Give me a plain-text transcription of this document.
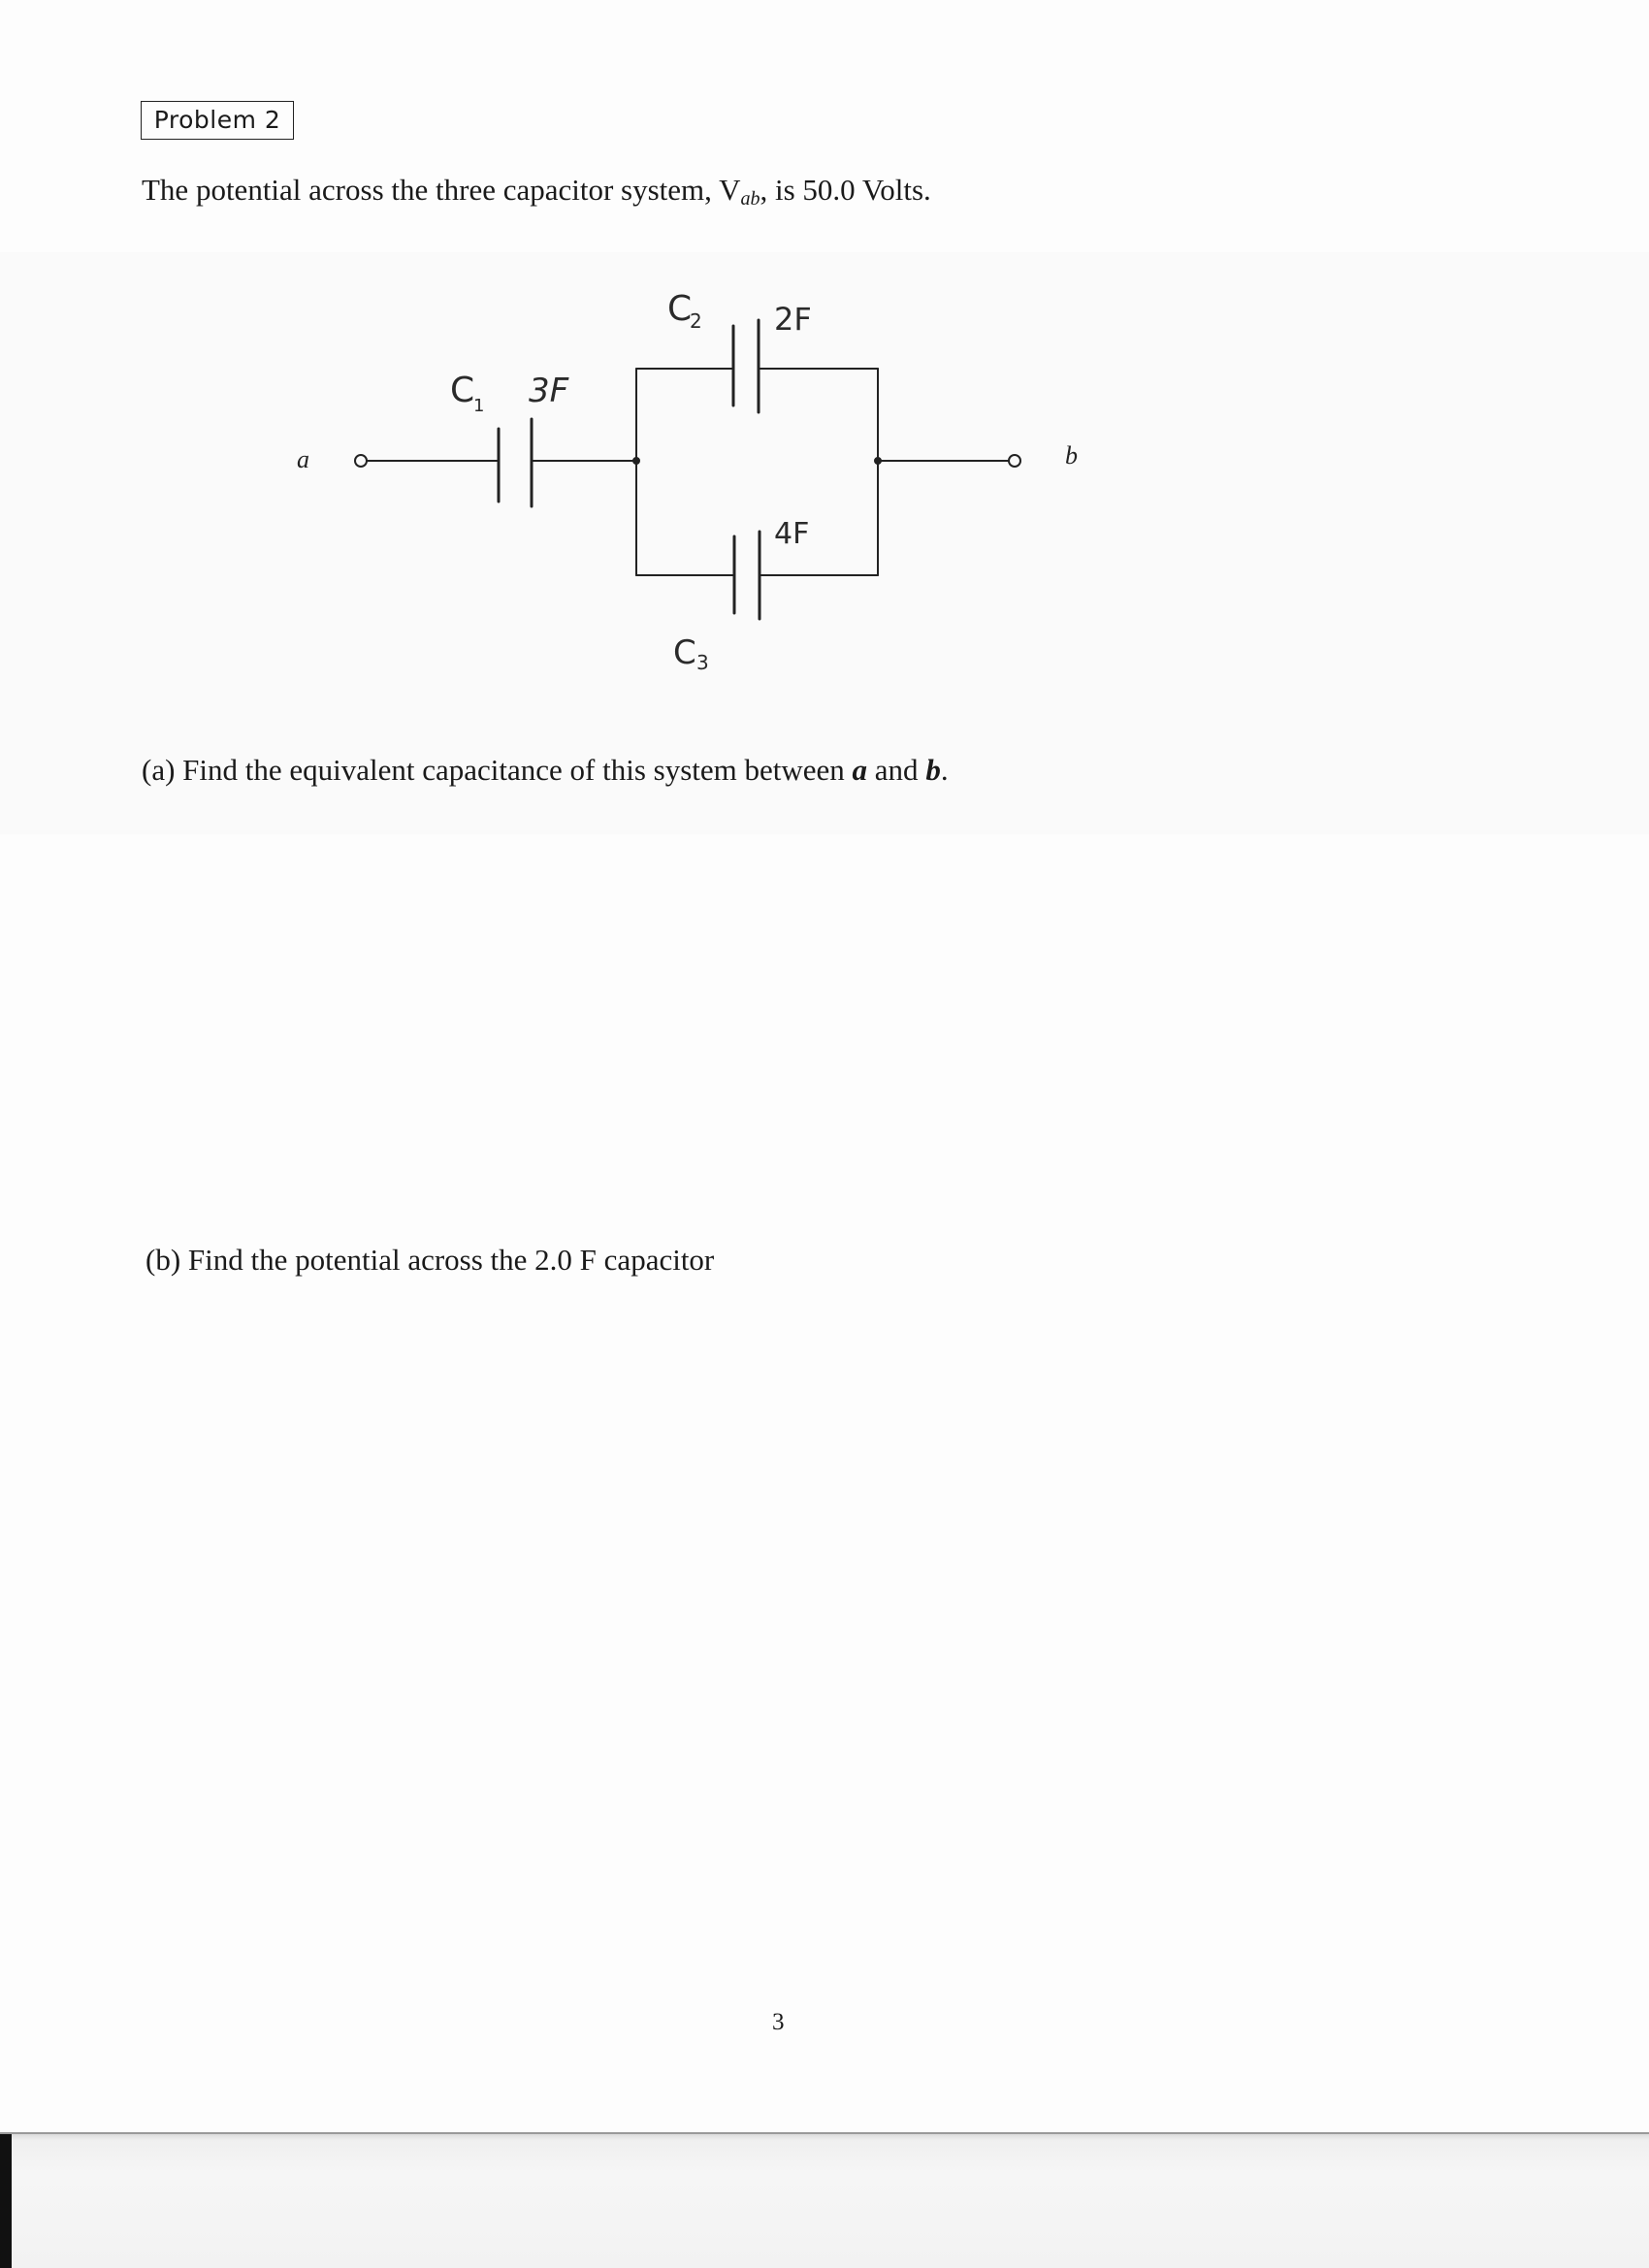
Problem 2
The potential across the three capacitor system, $V_{ab}$, is 50.0 Volts.
a	b
C
1 3F
C
2 2F
4F
C 3
(a) Find the equivalent capacitance of this system between a and b.
(b) Find the potential across the 2.0 F capacitor
3
